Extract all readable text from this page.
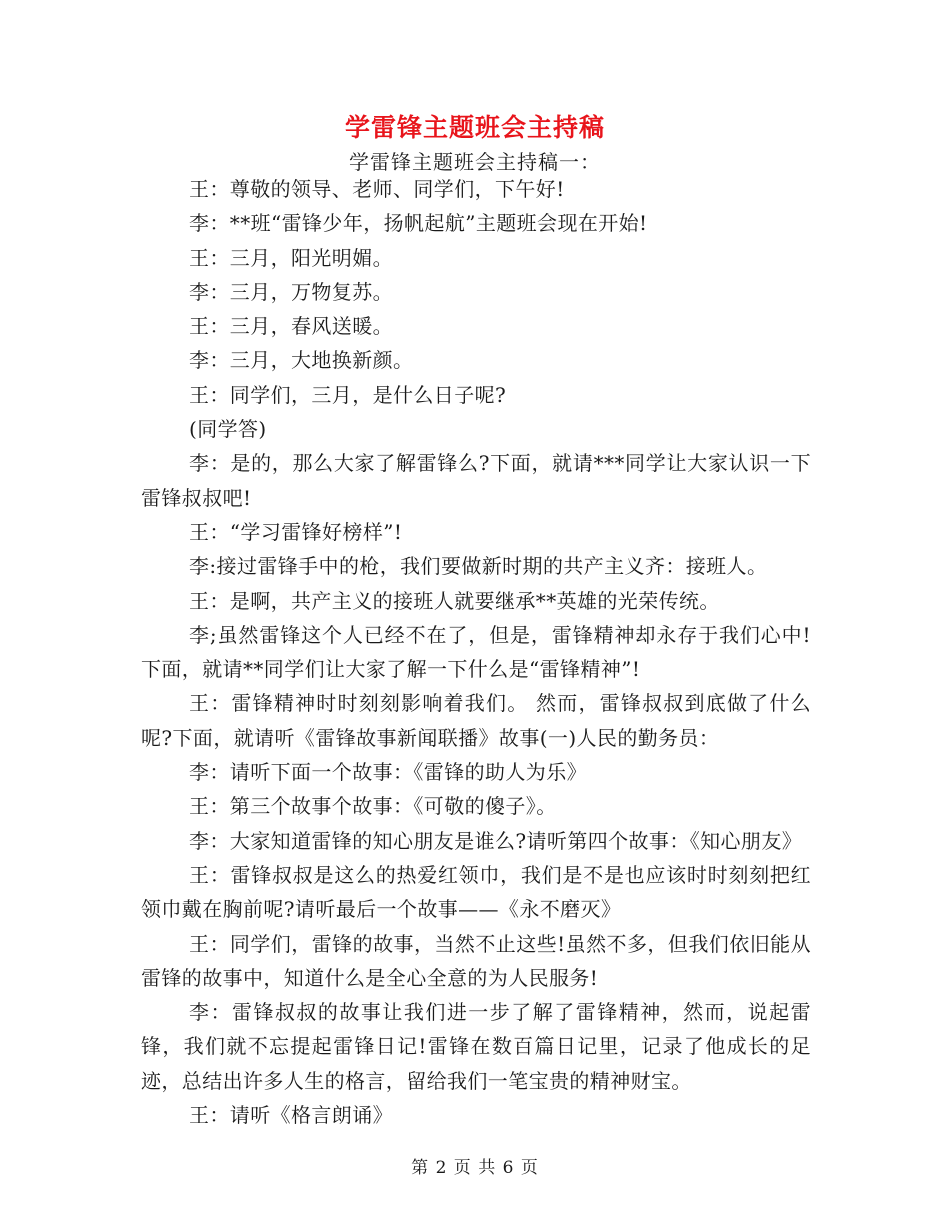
学雷锋主题班会主持稿
学雷锋主题班会主持稿一：

王：尊敬的领导、老师、同学们，下午好!

李：**班“雷锋少年，扬帆起航”主题班会现在开始!

王：三月，阳光明媚。

李：三月，万物复苏。

王：三月，春风送暖。

李：三月，大地换新颜。

王：同学们，三月，是什么日子呢?

(同学答)

李：是的，那么大家了解雷锋么?下面，就请***同学让大家认识一下雷锋叔叔吧!

王：“学习雷锋好榜样”!

李:接过雷锋手中的枪，我们要做新时期的共产主义齐：接班人。

王：是啊，共产主义的接班人就要继承**英雄的光荣传统。

李;虽然雷锋这个人已经不在了，但是，雷锋精神却永存于我们心中!下面，就请**同学们让大家了解一下什么是“雷锋精神”!

王：雷锋精神时时刻刻影响着我们。 然而，雷锋叔叔到底做了什么呢?下面，就请听《雷锋故事新闻联播》故事(一)人民的勤务员：

李：请听下面一个故事：《雷锋的助人为乐》

王：第三个故事个故事：《可敬的傻子》。

李：大家知道雷锋的知心朋友是谁么?请听第四个故事：《知心朋友》

王：雷锋叔叔是这么的热爱红领巾，我们是不是也应该时时刻刻把红领巾戴在胸前呢?请听最后一个故事——《永不磨灭》

王：同学们，雷锋的故事，当然不止这些!虽然不多，但我们依旧能从雷锋的故事中，知道什么是全心全意的为人民服务!

李：雷锋叔叔的故事让我们进一步了解了雷锋精神，然而，说起雷锋，我们就不忘提起雷锋日记!雷锋在数百篇日记里，记录了他成长的足迹，总结出许多人生的格言，留给我们一笔宝贵的精神财宝。

王：请听《格言朗诵》

第 2 页 共 6 页
